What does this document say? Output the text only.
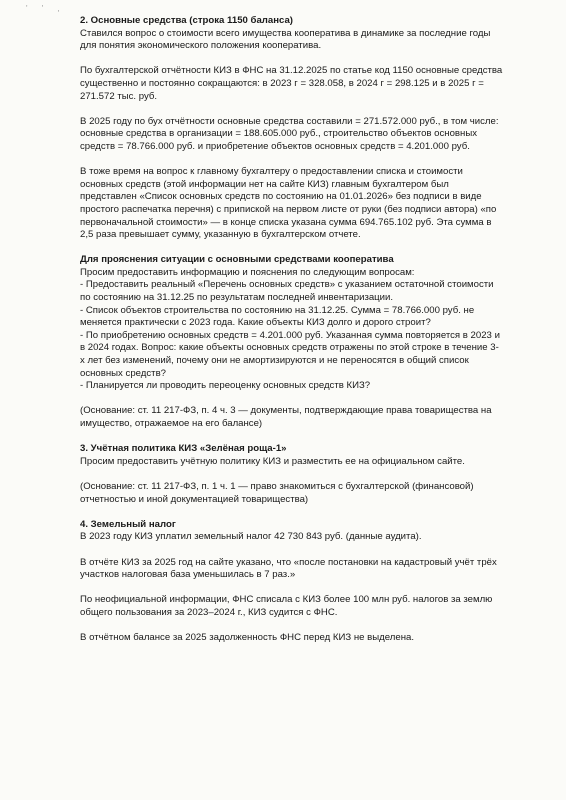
' ' ,

2. Основные средства (строка 1150 баланса)

Ставился вопрос о стоимости всего имущества кооператива в динамике за последние годы

для понятия экономического положения кооператива.

По бухгалтерской отчётности КИЗ в ФНС на 31.12.2025 по статье код 1150 основные средства

существенно и постоянно сокращаются: в 2023 г = 328.058, в 2024 г = 298.125 и в 2025 г =

271.572 тыс. руб.

В 2025 году по бух отчётности основные средства составили = 271.572.000 руб., в том числе:

основные средства в организации = 188.605.000 руб., строительство объектов основных

средств = 78.766.000 руб. и приобретение объектов основных средств = 4.201.000 руб.

В тоже время на вопрос к главному бухгалтеру о предоставлении списка и стоимости

основных средств (этой информации нет на сайте КИЗ) главным бухгалтером был

представлен «Список основных средств по состоянию на 01.01.2026» без подписи в виде

простого распечатка перечня) с припиской на первом листе от руки (без подписи автора) «по

первоначальной стоимости» — в конце списка указана сумма 694.765.102 руб. Эта сумма в

2,5 раза превышает сумму, указанную в бухгалтерском отчете.

Для прояснения ситуации с основными средствами кооператива

Просим предоставить информацию и пояснения по следующим вопросам:

- Предоставить реальный «Перечень основных средств» с указанием остаточной стоимости

по состоянию на 31.12.25 по результатам последней инвентаризации.

- Список объектов строительства по состоянию на 31.12.25. Сумма = 78.766.000 руб. не

меняется практически с 2023 года. Какие объекты КИЗ долго и дорого строит?

- По приобретению основных средств = 4.201.000 руб. Указанная сумма повторяется в 2023 и

в 2024 годах. Вопрос: какие объекты основных средств отражены по этой строке в течение 3-

х лет без изменений, почему они не амортизируются и не переносятся в общий список

основных средств?

- Планируется ли проводить переоценку основных средств КИЗ?

(Основание: ст. 11 217-ФЗ, п. 4 ч. 3 — документы, подтверждающие права товарищества на

имущество, отражаемое на его балансе)

3. Учётная политика КИЗ «Зелёная роща-1»

Просим предоставить учётную политику КИЗ и разместить ее на официальном сайте.

(Основание: ст. 11 217-ФЗ, п. 1 ч. 1 — право знакомиться с бухгалтерской (финансовой)

отчетностью и иной документацией товарищества)

4. Земельный налог

В 2023 году КИЗ уплатил земельный налог 42 730 843 руб. (данные аудита).

В отчёте КИЗ за 2025 год на сайте указано, что «после постановки на кадастровый учёт трёх

участков налоговая база уменьшилась в 7 раз.»

По неофициальной информации, ФНС списала с КИЗ более 100 млн руб. налогов за землю

общего пользования за 2023–2024 г., КИЗ судится с ФНС.

В отчётном балансе за 2025 задолженность ФНС перед КИЗ не выделена.
